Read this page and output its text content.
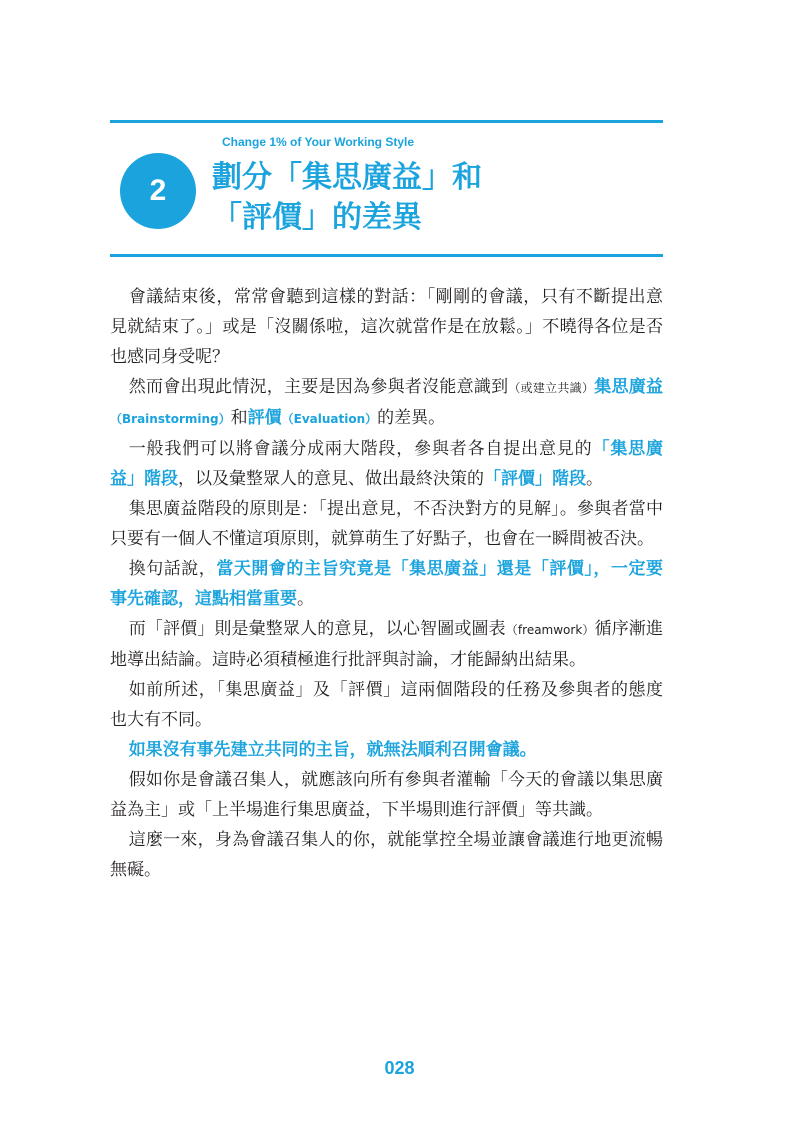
2
Change 1% of Your Working Style
劃分「集思廣益」和
「評價」的差異

會議結束後，常常會聽到這樣的對話：「剛剛的會議，只有不斷提出意見就結束了。」或是「沒關係啦，這次就當作是在放鬆。」不曉得各位是否也感同身受呢？

然而會出現此情況，主要是因為參與者沒能意識到（或建立共識）集思廣益（Brainstorming）和評價（Evaluation）的差異。

一般我們可以將會議分成兩大階段，參與者各自提出意見的「集思廣益」階段，以及彙整眾人的意見、做出最終決策的「評價」階段。

集思廣益階段的原則是：「提出意見，不否決對方的見解」。參與者當中只要有一個人不懂這項原則，就算萌生了好點子，也會在一瞬間被否決。

換句話說，當天開會的主旨究竟是「集思廣益」還是「評價」，一定要事先確認，這點相當重要。

而「評價」則是彙整眾人的意見，以心智圖或圖表（freamwork）循序漸進地導出結論。這時必須積極進行批評與討論，才能歸納出結果。

如前所述，「集思廣益」及「評價」這兩個階段的任務及參與者的態度也大有不同。

如果沒有事先建立共同的主旨，就無法順利召開會議。

假如你是會議召集人，就應該向所有參與者灌輸「今天的會議以集思廣益為主」或「上半場進行集思廣益，下半場則進行評價」等共識。

這麼一來，身為會議召集人的你，就能掌控全場並讓會議進行地更流暢無礙。

028
